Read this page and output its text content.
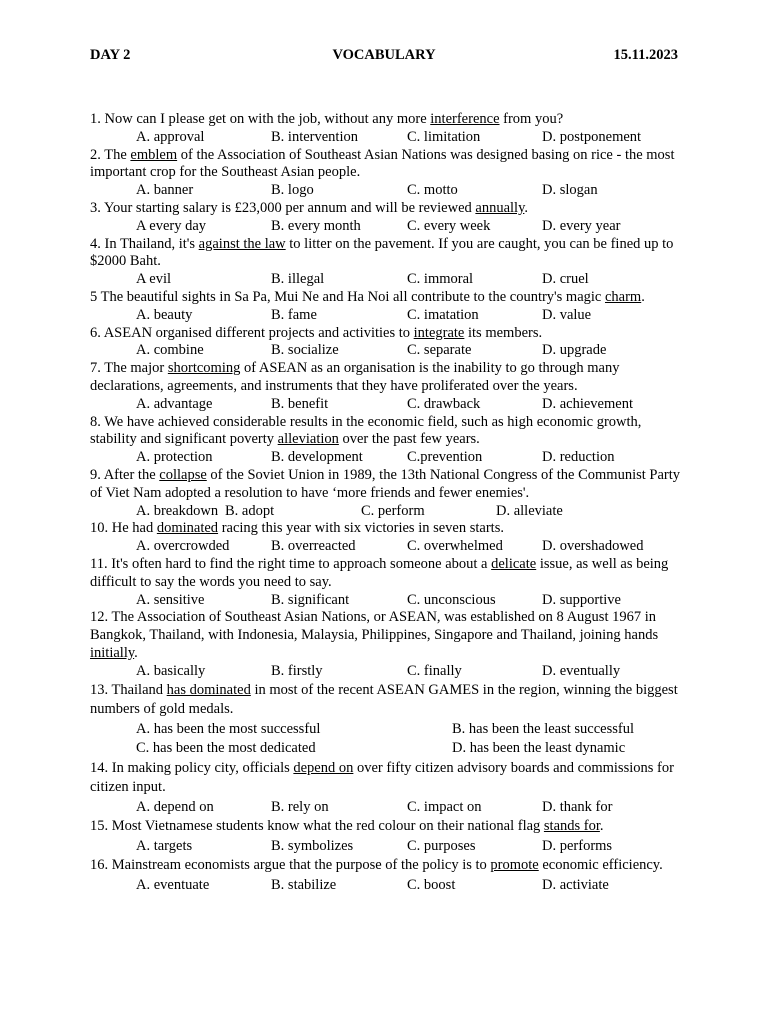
DAY 2	VOCABULARY	15.11.2023

1. Now can I please get on with the job, without any more interference from you?

A. approval	B. intervention	C. limitation	D. postponement

2. The emblem of the Association of Southeast Asian Nations was designed basing on rice - the most important crop for the Southeast Asian people.

A. banner	B. logo	C. motto	D. slogan

3. Your starting salary is £23,000 per annum and will be reviewed annually.

A every day	B. every month	C. every week	D. every year

4. In Thailand, it's against the law to litter on the pavement. If you are caught, you can be fined up to $2000 Baht.

A evil	B. illegal	C. immoral	D. cruel

5 The beautiful sights in Sa Pa, Mui Ne and Ha Noi all contribute to the country's magic charm.

A. beauty	B. fame	C. imatation	D. value

6. ASEAN organised different projects and activities to integrate its members.

A. combine	B. socialize	C. separate	D. upgrade

7. The major shortcoming of ASEAN as an organisation is the inability to go through many declarations, agreements, and instruments that they have proliferated over the years.

A. advantage	B. benefit	C. drawback	D. achievement

8. We have achieved considerable results in the economic field, such as high economic growth, stability and significant poverty alleviation over the past few years.

A. protection	B. development	C.prevention	D. reduction

9. After the collapse of the Soviet Union in 1989, the 13th National Congress of the Communist Party of Viet Nam adopted a resolution to have ‘more friends and fewer enemies'.

A. breakdown B. adopt	C. perform	D. alleviate

10. He had dominated racing this year with six victories in seven starts.

A. overcrowded	B. overreacted	C. overwhelmed	D. overshadowed

11. It's often hard to find the right time to approach someone about a delicate issue, as well as being difficult to say the words you need to say.

A. sensitive	B. significant	C. unconscious	D. supportive

12. The Association of Southeast Asian Nations, or ASEAN, was established on 8 August 1967 in Bangkok, Thailand, with Indonesia, Malaysia, Philippines, Singapore and Thailand, joining hands initially.

A. basically	B. firstly	C. finally	D. eventually

13. Thailand has dominated in most of the recent ASEAN GAMES in the region, winning the biggest numbers of gold medals.

A. has been the most successful	B. has been the least successful
C. has been the most dedicated	D. has been the least dynamic

14. In making policy city, officials depend on over fifty citizen advisory boards and commissions for citizen input.

A. depend on	B. rely on	C. impact on	D. thank for

15. Most Vietnamese students know what the red colour on their national flag stands for.

A. targets	B. symbolizes	C. purposes	D. performs

16. Mainstream economists argue that the purpose of the policy is to promote economic efficiency.

A. eventuate	B. stabilize	C. boost	D. activiate
